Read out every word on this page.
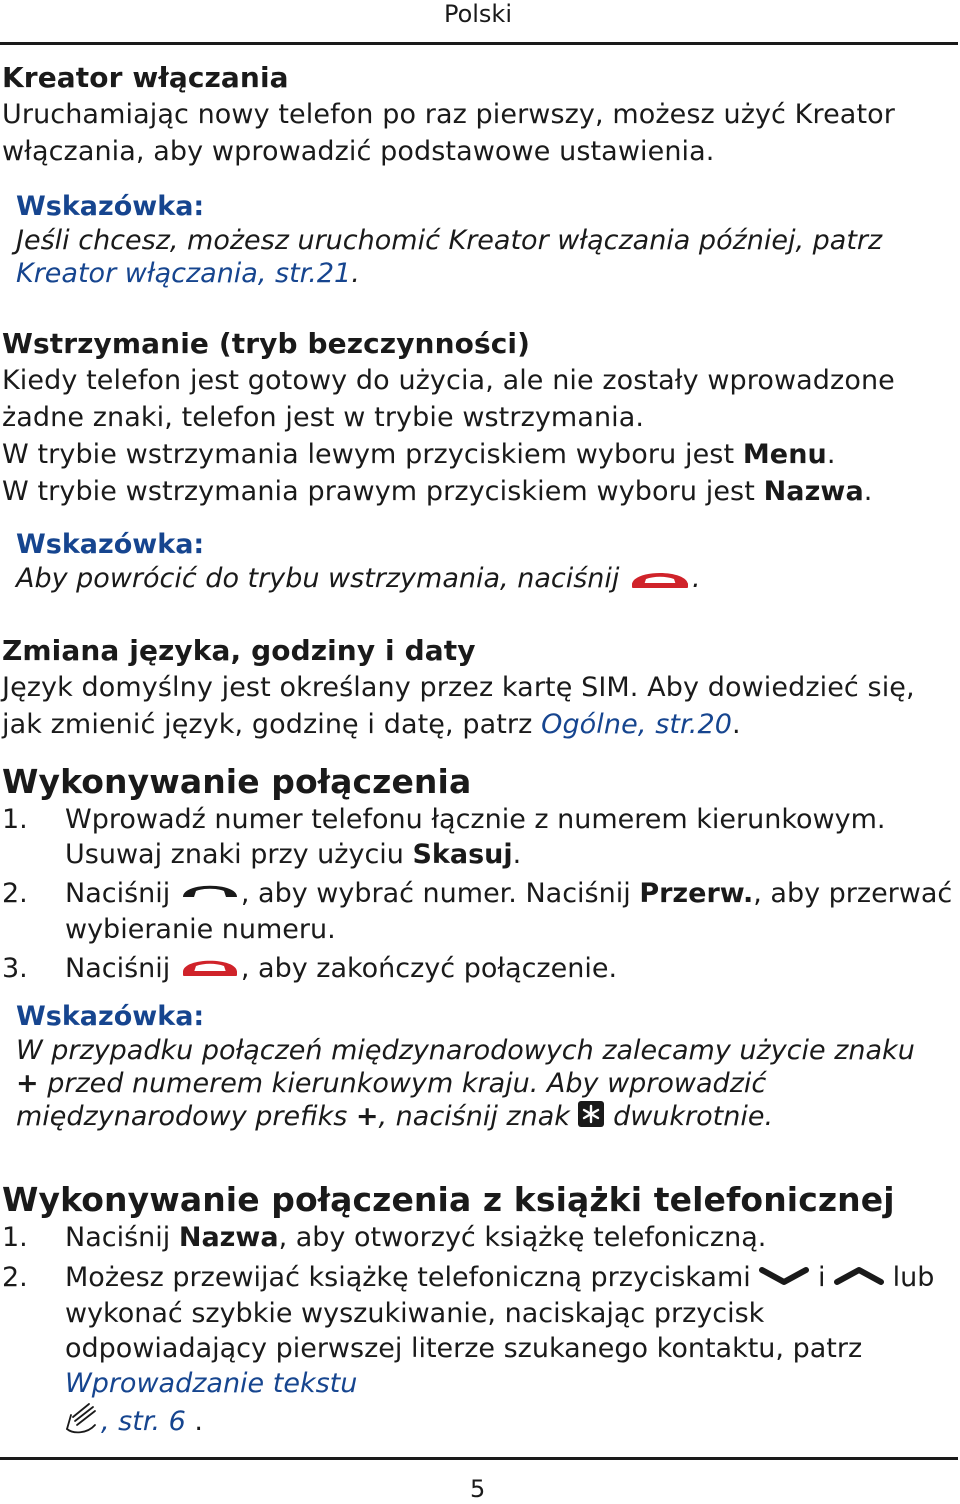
Polski
Kreator włączania
Uruchamiając nowy telefon po raz pierwszy, możesz użyć Kreator włączania, aby wprowadzić podstawowe ustawienia.
Wskazówka:
Jeśli chcesz, możesz uruchomić Kreator włączania później, patrz Kreator włączania, str.21.
Wstrzymanie (tryb bezczynności)
Kiedy telefon jest gotowy do użycia, ale nie zostały wprowadzone żadne znaki, telefon jest w trybie wstrzymania.
W trybie wstrzymania lewym przyciskiem wyboru jest Menu.
W trybie wstrzymania prawym przyciskiem wyboru jest Nazwa.
Wskazówka:
Aby powrócić do trybu wstrzymania, naciśnij .
Zmiana języka, godziny i daty
Język domyślny jest określany przez kartę SIM. Aby dowiedzieć się, jak zmienić język, godzinę i datę, patrz Ogólne, str.20.
Wykonywanie połączenia
1. Wprowadź numer telefonu łącznie z numerem kierunkowym. Usuwaj znaki przy użyciu Skasuj.
2. Naciśnij , aby wybrać numer. Naciśnij Przerw., aby przerwać wybieranie numeru.
3. Naciśnij , aby zakończyć połączenie.
Wskazówka:
W przypadku połączeń międzynarodowych zalecamy użycie znaku + przed numerem kierunkowym kraju. Aby wprowadzić międzynarodowy prefiks +, naciśnij znak  dwukrotnie.
Wykonywanie połączenia z książki telefonicznej
1. Naciśnij Nazwa, aby otworzyć książkę telefoniczną.
2. Możesz przewijać książkę telefoniczną przyciskami  i  lub wykonać szybkie wyszukiwanie, naciskając przycisk odpowiadający pierwszej literze szukanego kontaktu, patrz Wprowadzanie tekstu
, str. 6 .
5
